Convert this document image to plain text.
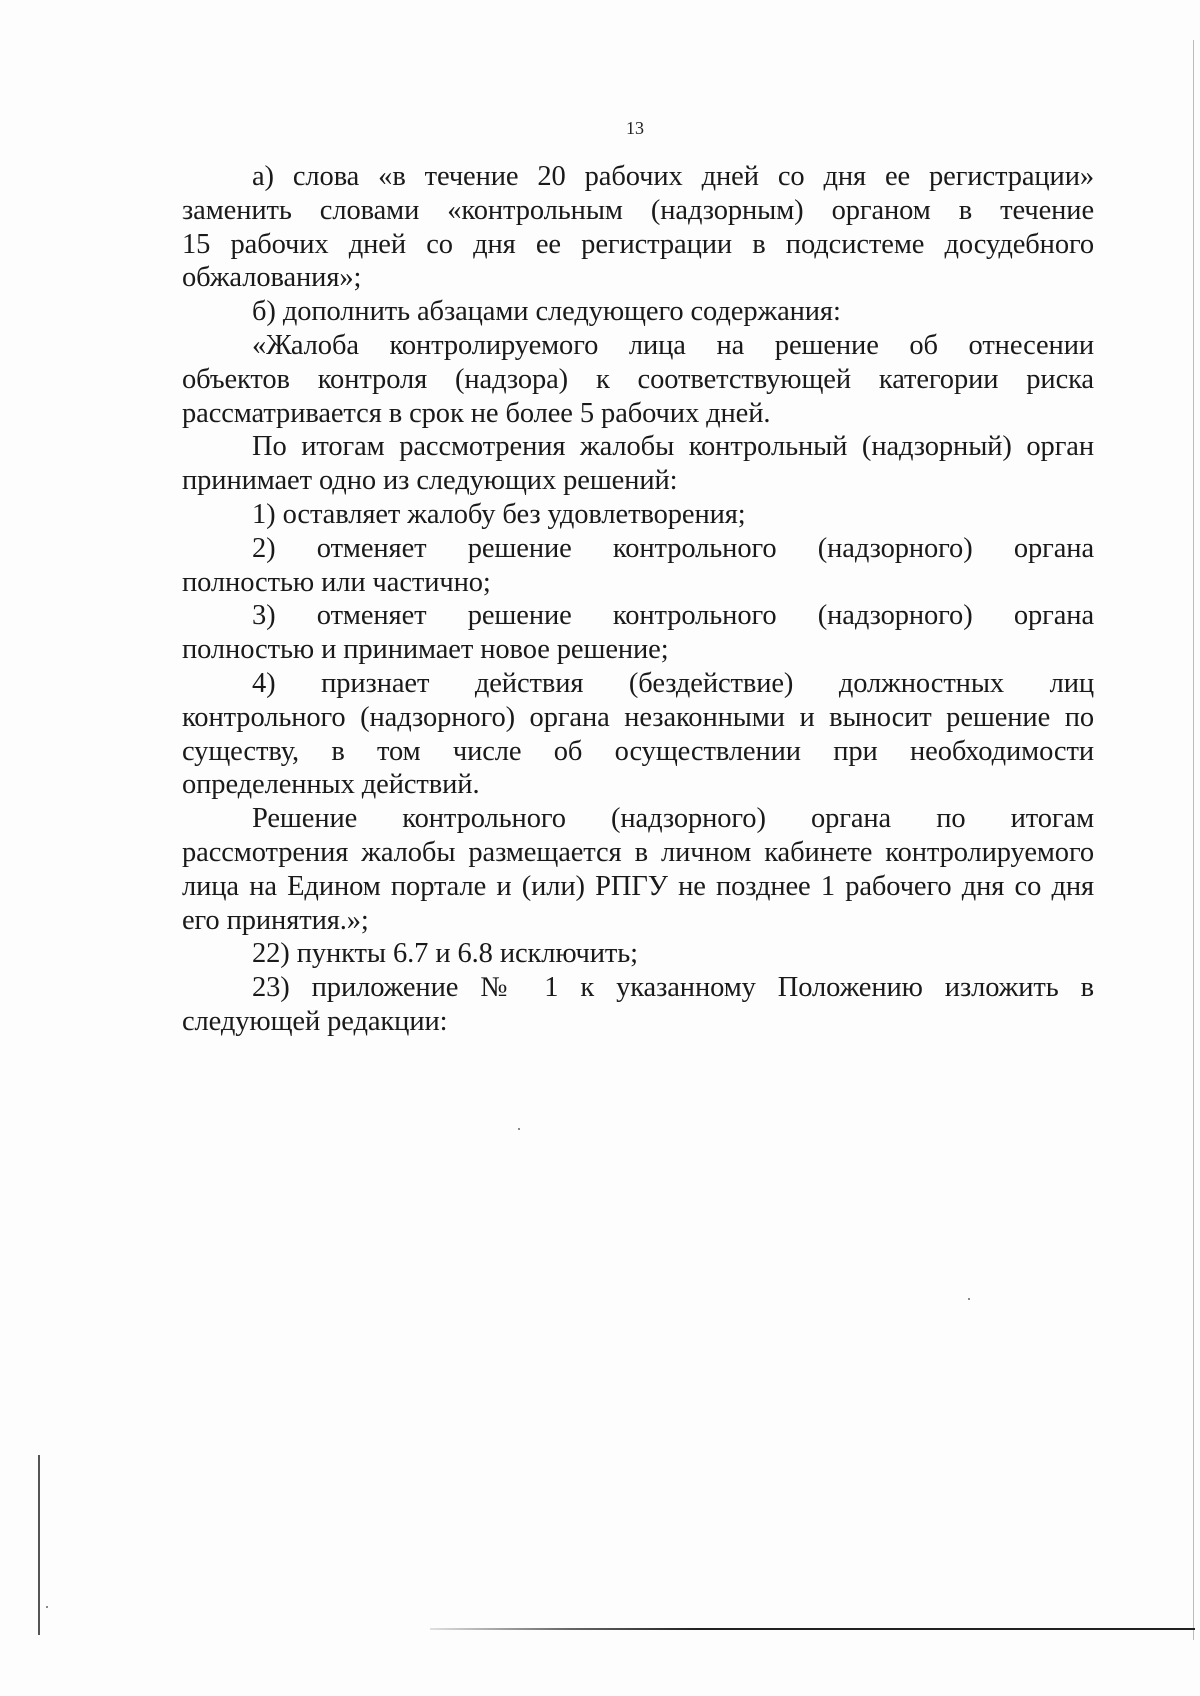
13
а) слова «в течение 20 рабочих дней со дня ее регистрации»
заменить словами «контрольным (надзорным) органом в течение
15 рабочих дней со дня ее регистрации в подсистеме досудебного
обжалования»;
б) дополнить абзацами следующего содержания:
«Жалоба контролируемого лица на решение об отнесении
объектов контроля (надзора) к соответствующей категории риска
рассматривается в срок не более 5 рабочих дней.
По итогам рассмотрения жалобы контрольный (надзорный) орган
принимает одно из следующих решений:
1) оставляет жалобу без удовлетворения;
2) отменяет решение контрольного (надзорного) органа
полностью или частично;
3) отменяет решение контрольного (надзорного) органа
полностью и принимает новое решение;
4) признает действия (бездействие) должностных лиц
контрольного (надзорного) органа незаконными и выносит решение по
существу, в том числе об осуществлении при необходимости
определенных действий.
Решение контрольного (надзорного) органа по итогам
рассмотрения жалобы размещается в личном кабинете контролируемого
лица на Едином портале и (или) РПГУ не позднее 1 рабочего дня со дня
его принятия.»;
22) пункты 6.7 и 6.8 исключить;
23) приложение № 1 к указанному Положению изложить в
следующей редакции:
